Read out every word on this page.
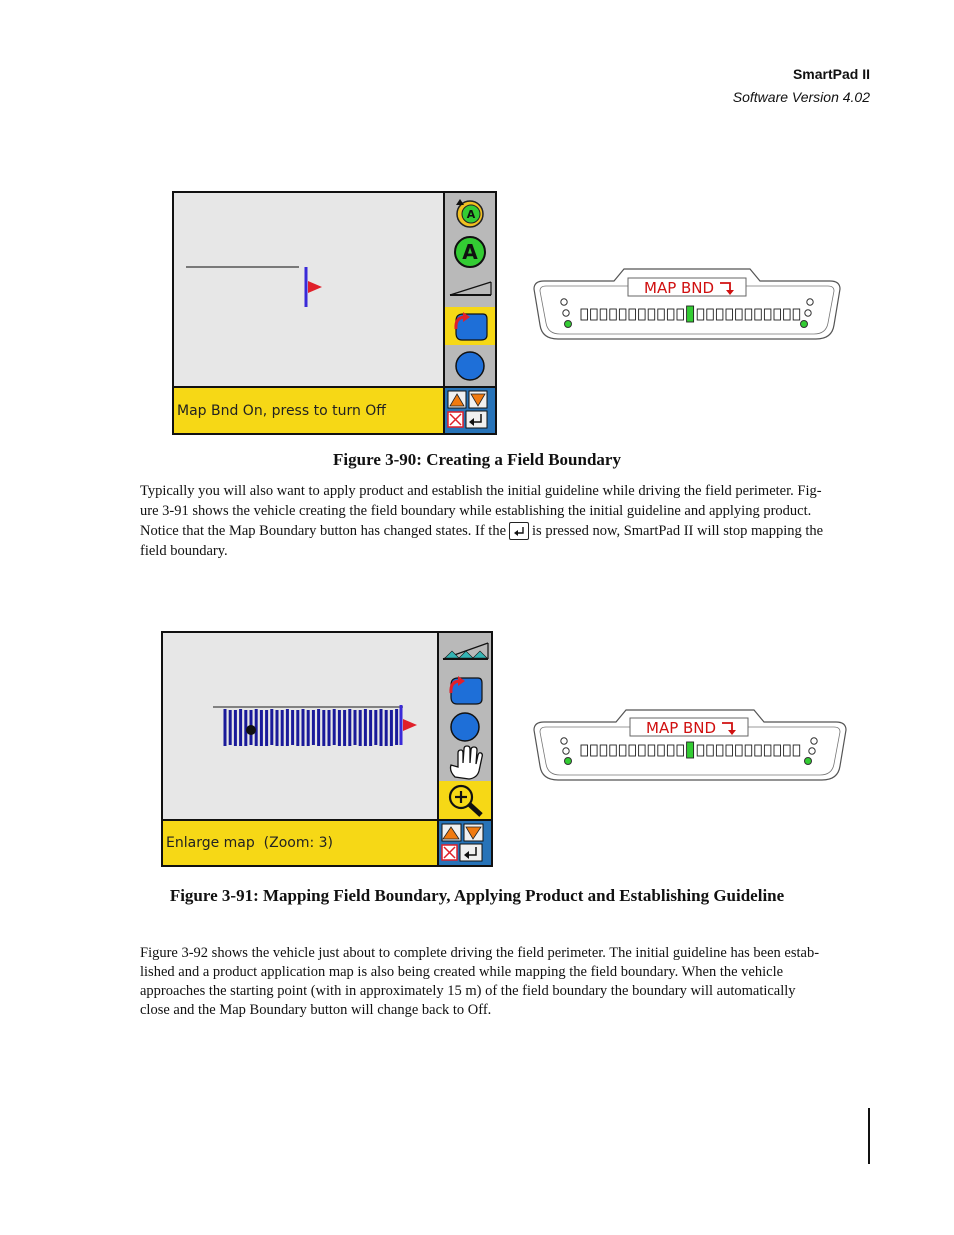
SmartPad II
Software Version 4.02
Map Bnd On, press to turn Off
A
A
MAP BND
Figure 3-90: Creating a Field Boundary
Typically you will also want to apply product and establish the initial guideline while driving the field perimeter. Fig-
ure 3-91 shows the vehicle creating the field boundary while establishing the initial guideline and applying product.
Notice that the Map Boundary button has changed states. If the is pressed now, SmartPad II will stop mapping the
field boundary.
Enlarge map  (Zoom: 3)
MAP BND
Figure 3-91: Mapping Field Boundary, Applying Product and Establishing Guideline
Figure 3-92 shows the vehicle just about to complete driving the field perimeter. The initial guideline has been estab-
lished and a product application map is also being created while mapping the field boundary. When the vehicle
approaches the starting point (with in approximately 15 m) of the field boundary the boundary will automatically
close and the Map Boundary button will change back to Off.
